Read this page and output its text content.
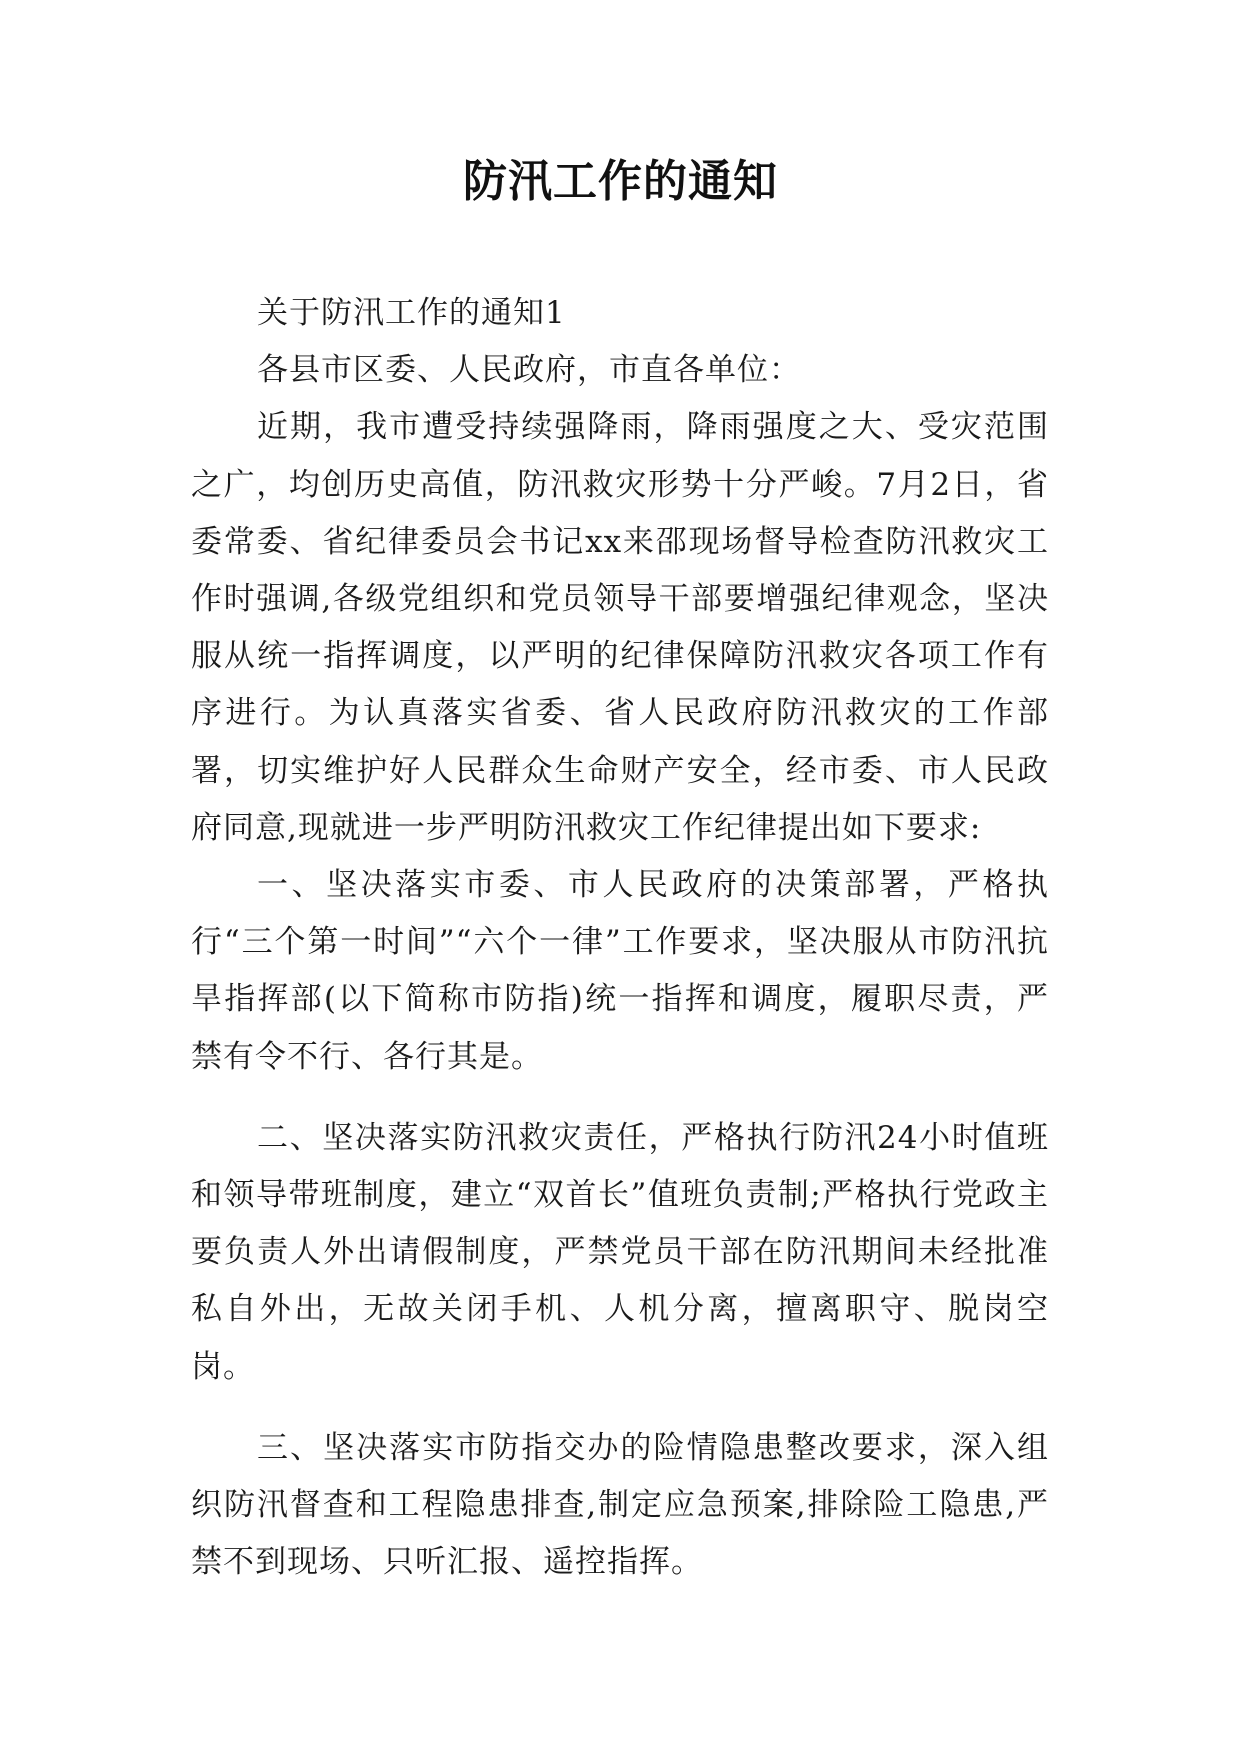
防汛工作的通知

关于防汛工作的通知1

各县市区委、人民政府，市直各单位：

近期，我市遭受持续强降雨，降雨强度之大、受灾范围之广，均创历史高值，防汛救灾形势十分严峻。7月2日，省委常委、省纪律委员会书记xx来邵现场督导检查防汛救灾工作时强调,各级党组织和党员领导干部要增强纪律观念，坚决服从统一指挥调度，以严明的纪律保障防汛救灾各项工作有序进行。为认真落实省委、省人民政府防汛救灾的工作部署，切实维护好人民群众生命财产安全，经市委、市人民政府同意,现就进一步严明防汛救灾工作纪律提出如下要求:

一、坚决落实市委、市人民政府的决策部署，严格执行“三个第一时间”“六个一律”工作要求，坚决服从市防汛抗旱指挥部(以下简称市防指)统一指挥和调度，履职尽责，严禁有令不行、各行其是。

二、坚决落实防汛救灾责任，严格执行防汛24小时值班和领导带班制度，建立“双首长”值班负责制;严格执行党政主要负责人外出请假制度，严禁党员干部在防汛期间未经批准私自外出，无故关闭手机、人机分离，擅离职守、脱岗空岗。

三、坚决落实市防指交办的险情隐患整改要求，深入组织防汛督查和工程隐患排查,制定应急预案,排除险工隐患,严禁不到现场、只听汇报、遥控指挥。
